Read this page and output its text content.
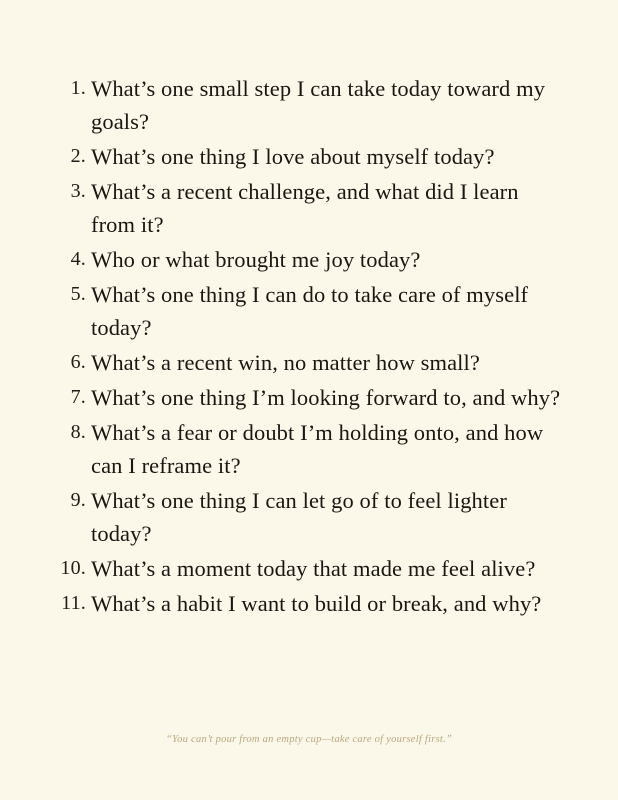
1. What’s one small step I can take today toward my goals?
2. What’s one thing I love about myself today?
3. What’s a recent challenge, and what did I learn from it?
4. Who or what brought me joy today?
5. What’s one thing I can do to take care of myself today?
6. What’s a recent win, no matter how small?
7. What’s one thing I’m looking forward to, and why?
8. What’s a fear or doubt I’m holding onto, and how can I reframe it?
9. What’s one thing I can let go of to feel lighter today?
10. What’s a moment today that made me feel alive?
11. What’s a habit I want to build or break, and why?
“You can’t pour from an empty cup—take care of yourself first.”
